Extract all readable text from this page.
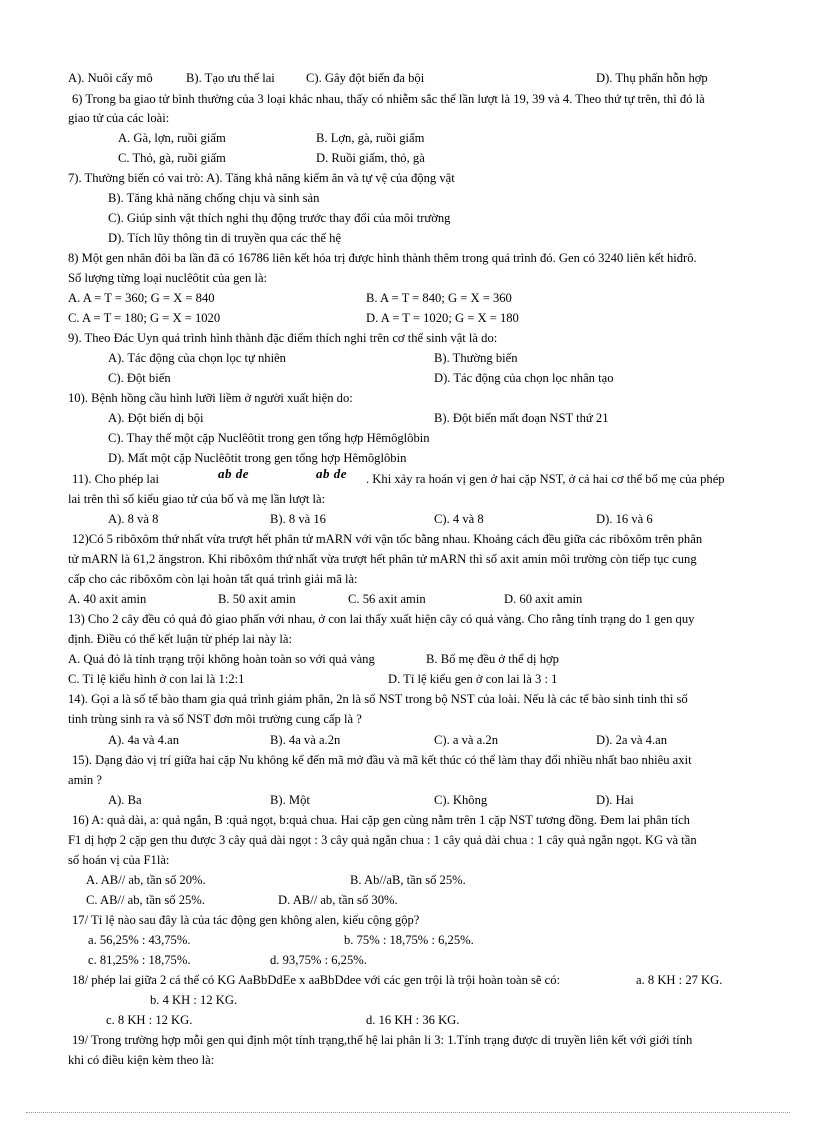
A). Nuôi cấy mô	B). Tạo ưu thế lai C). Gây đột biến đa bội	D). Thụ phấn hỗn hợp
6) Trong ba giao tử bình thường của 3 loại khác nhau, thấy có nhiễm sắc thể lần lượt là 19, 39 và 4. Theo thứ tự trên, thì đó là
giao tử của các loài:
A. Gà, lợn, ruồi giấm	B. Lợn, gà, ruồi giấm
C. Thỏ, gà, ruồi giấm	D. Ruồi giấm, thỏ, gà
7). Thường biến có vai trò: A). Tăng khả năng kiếm ăn và tự vệ của động vật
B). Tăng khả năng chống chịu và sinh sản
C). Giúp sinh vật thích nghi thụ động trước thay đổi của môi trường
D). Tích lũy thông tin di truyền qua các thế hệ
8) Một gen nhân đôi ba lần đã có 16786 liên kết hóa trị được hình thành thêm trong quá trình đó. Gen có 3240 liên kết hiđrô.
Số lượng từng loại nuclêôtit của gen là:
A. A = T = 360; G = X = 840	B. A = T = 840; G = X = 360
C. A = T = 180; G = X = 1020	D. A = T = 1020; G = X = 180
9). Theo Đác Uyn quá trình hình thành đặc điểm thích nghi trên cơ thể sinh vật là do:
A). Tác động của chọn lọc tự nhiên	B). Thường biến
C). Đột biến	D). Tác động của chọn lọc nhân tạo
10). Bệnh hồng cầu hình lưỡi liềm ở người xuất hiện do:
A). Đột biến dị bội	B). Đột biến mất đoạn NST thứ 21
C). Thay thế một cặp Nuclêôtit trong gen tổng hợp Hêmôglôbin
D). Mất một cặp Nuclêôtit trong gen tổng hợp Hêmôglôbin
11). Cho phép lai	ab de	ab de . Khi xảy ra hoán vị gen ở hai cặp NST, ở cả hai cơ thể bố mẹ của phép
lai trên thì số kiểu giao tử của bố và mẹ lần lượt là:
A). 8 và 8	B). 8 và 16	C). 4 và 8	D). 16 và 6
12)Có 5 ribôxôm thứ nhất vừa trượt hết phân tử mARN với vận tốc bằng nhau. Khoảng cách đều giữa các ribôxôm trên phân
tử mARN là 61,2 ăngstron. Khi ribôxôm thứ nhất vừa trượt hết phân tử mARN thì số axit amin môi trường còn tiếp tục cung
cấp cho các ribôxôm còn lại hoàn tất quá trình giải mã là:
A. 40 axit amin	B. 50 axit amin	C. 56 axit amin	D. 60 axit amin
13) Cho 2 cây đều có quả đỏ giao phấn với nhau, ở con lai thấy xuất hiện cây có quả vàng. Cho rằng tính trạng do 1 gen quy
định. Điều có thể kết luận từ phép lai này là:
A. Quả đỏ là tính trạng trội không hoàn toàn so với quả vàng	B. Bố mẹ đều ở thể dị hợp
C. Tỉ lệ kiểu hình ở con lai là 1:2:1	D. Tỉ lệ kiểu gen ở con lai là 3 : 1
14). Gọi a là số tế bào tham gia quá trình giảm phân, 2n là số NST trong bộ NST của loài. Nếu là các tế bào sinh tinh thì số
tinh trùng sinh ra và số NST đơn môi trường cung cấp là ?
A). 4a và 4.an	B). 4a và a.2n	C). a và a.2n	D). 2a và 4.an
15). Dạng đảo vị trí giữa hai cặp Nu không kể đến mã mở đầu và mã kết thúc có thể làm thay đổi nhiều nhất bao nhiêu axit
amin ?
A). Ba	B). Một	C). Không	D). Hai
16) A: quả dài, a: quả ngắn, B :quả ngọt, b:quả chua. Hai cặp gen cùng nằm trên 1 cặp NST tương đồng. Đem lai phân tích
F1 dị hợp 2 cặp gen thu được 3 cây quả dài ngọt : 3 cây quả ngắn chua : 1 cây quả dài chua : 1 cây quả ngắn ngọt. KG và tần
số hoán vị của F1là:
A. AB// ab, tần số 20%.	B. Ab//aB, tần số 25%.
C. AB// ab, tần số 25%.	D. AB// ab, tần số 30%.
17/ Tỉ lệ nào sau đây là của tác động gen không alen, kiểu cộng gộp?
a. 56,25% : 43,75%.	b. 75% : 18,75% : 6,25%.
c. 81,25% : 18,75%.	d. 93,75% : 6,25%.
18/ phép lai giữa 2 cá thể có KG AaBbDdEe x aaBbDdee với các gen trội là trội hoàn toàn sẽ có:	a. 8 KH : 27 KG.
b. 4 KH : 12 KG.
c. 8 KH : 12 KG.	d. 16 KH : 36 KG.
19/ Trong trường hợp mỗi gen qui định một tính trạng,thế hệ lai phân li 3: 1.Tính trạng được di truyền liên kết với giới tính
khi có điều kiện kèm theo là:
